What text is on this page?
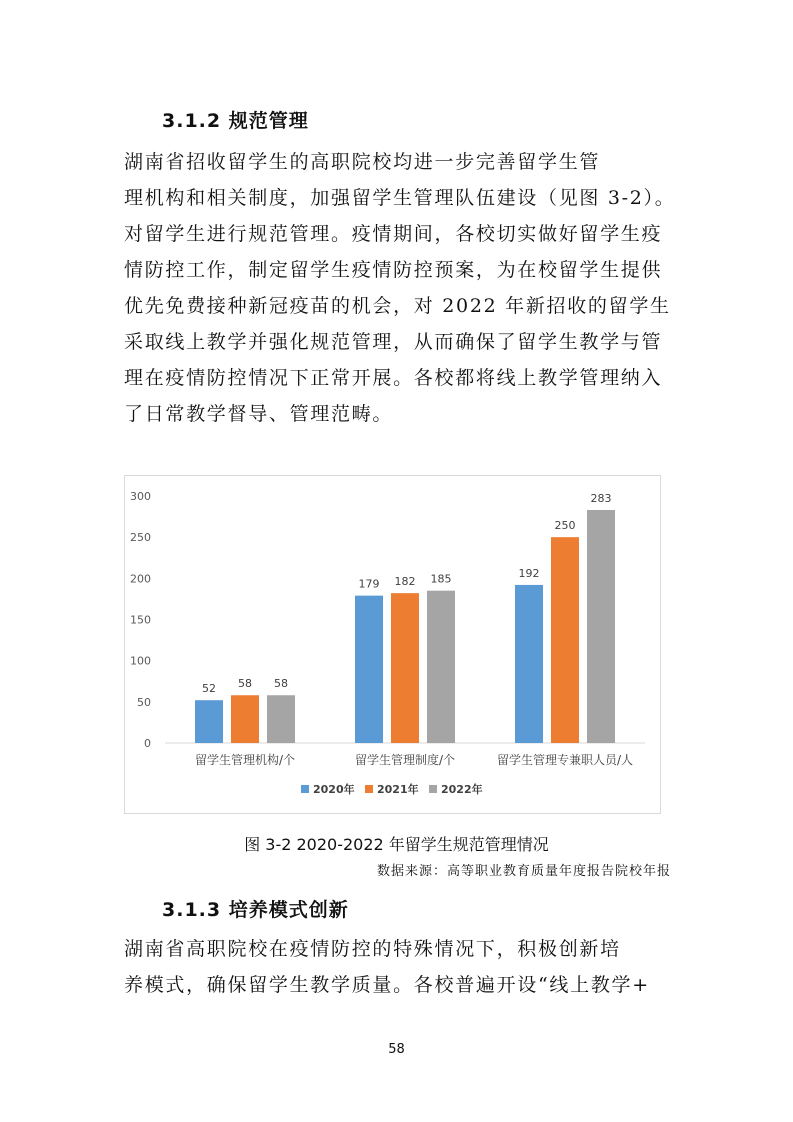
3.1.2 规范管理
湖南省招收留学生的高职院校均进一步完善留学生管
理机构和相关制度，加强留学生管理队伍建设（见图 3-2）。
对留学生进行规范管理。疫情期间，各校切实做好留学生疫
情防控工作，制定留学生疫情防控预案，为在校留学生提供
优先免费接种新冠疫苗的机会，对 2022 年新招收的留学生
采取线上教学并强化规范管理，从而确保了留学生教学与管
理在疫情防控情况下正常开展。各校都将线上教学管理纳入
了日常教学督导、管理范畴。
0
50
100
150
200
250
300
52 58 58
留学生管理机构/个
179 182 185
留学生管理制度/个
192
250
283
留学生管理专兼职人员/人
2020年 2021年 2022年
图 3-2 2020-2022 年留学生规范管理情况
数据来源：高等职业教育质量年度报告院校年报
3.1.3 培养模式创新
湖南省高职院校在疫情防控的特殊情况下，积极创新培
养模式，确保留学生教学质量。各校普遍开设“线上教学+
58
